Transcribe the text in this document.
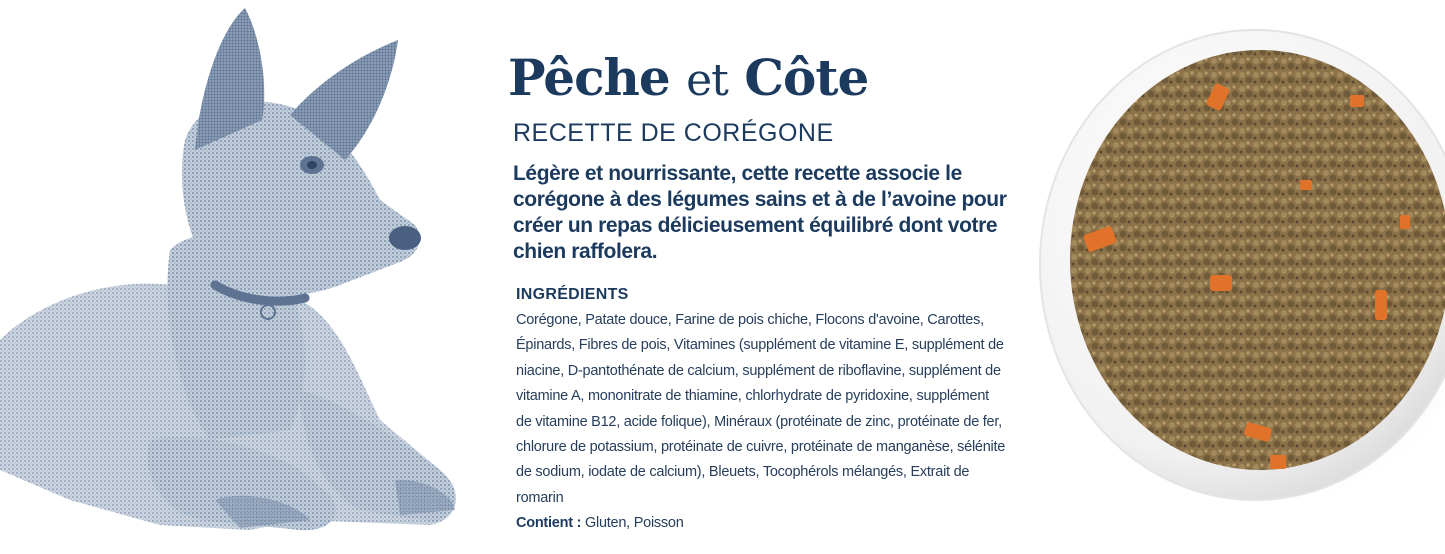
Pêche et Côte
RECETTE DE CORÉGONE

Légère et nourrissante, cette recette associe le corégone à des légumes sains et à de l’avoine pour créer un repas délicieusement équilibré dont votre chien raffolera.

INGRÉDIENTS
Corégone, Patate douce, Farine de pois chiche, Flocons d'avoine, Carottes, Épinards, Fibres de pois, Vitamines (supplément de vitamine E, supplément de niacine, D-pantothénate de calcium, supplément de riboflavine, supplément de vitamine A, mononitrate de thiamine, chlorhydrate de pyridoxine, supplément de vitamine B12, acide folique), Minéraux (protéinate de zinc, protéinate de fer, chlorure de potassium, protéinate de cuivre, protéinate de manganèse, sélénite de sodium, iodate de calcium), Bleuets, Tocophérols mélangés, Extrait de romarin
Contient : Gluten, Poisson
